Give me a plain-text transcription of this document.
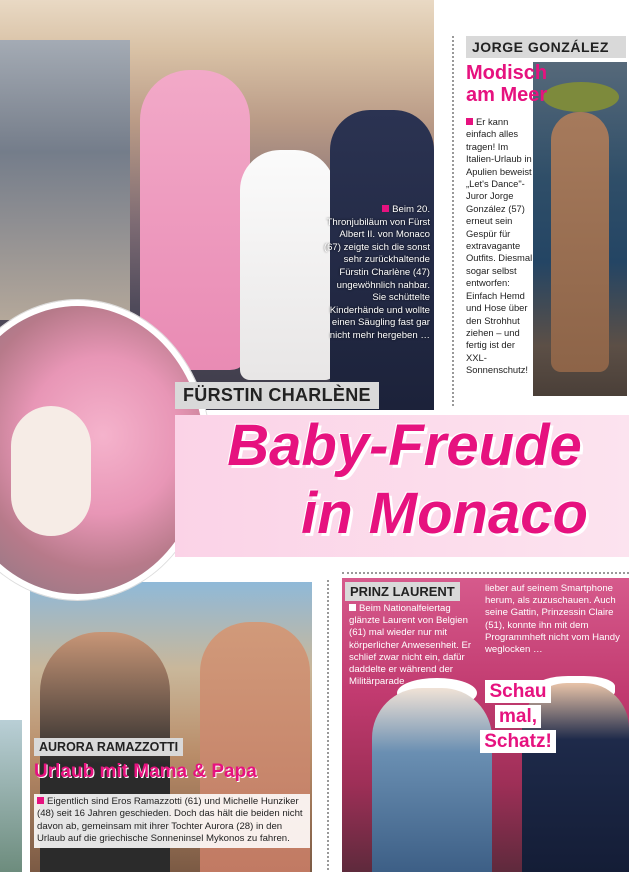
Beim 20. Thronjubiläum von Fürst Albert II. von Monaco (67) zeigte sich die sonst sehr zurückhaltende Fürstin Charlène (47) ungewöhnlich nahbar. Sie schüttelte Kinderhände und wollte einen Säugling fast gar nicht mehr hergeben …
JORGE GONZÁLEZ
Modisch
am Meer
Er kann einfach alles tragen! Im Italien-Urlaub in Apulien beweist „Let's Dance"-Juror Jorge González (57) erneut sein Gespür für extravagante Outfits. Diesmal sogar selbst entworfen: Einfach Hemd und Hose über den Strohhut ziehen – und fertig ist der XXL-Sonnenschutz!
FÜRSTIN CHARLÈNE
Baby-Freude
in Monaco
AURORA RAMAZZOTTI
Urlaub mit Mama & Papa
Eigentlich sind Eros Ramazzotti (61) und Michelle Hunziker (48) seit 16 Jahren geschieden. Doch das hält die beiden nicht davon ab, gemeinsam mit ihrer Tochter Aurora (28) in den Urlaub auf die griechische Sonneninsel Mykonos zu fahren.
PRINZ LAURENT
Beim Nationalfeiertag glänzte Laurent von Belgien (61) mal wieder nur mit körperlicher Anwesenheit. Er schlief zwar nicht ein, dafür daddelte er während der Militärparade
lieber auf seinem Smartphone herum, als zuzuschauen. Auch seine Gattin, Prinzessin Claire (51), konnte ihn mit dem Programmheft nicht vom Handy weglocken …
Schau
mal,
Schatz!
